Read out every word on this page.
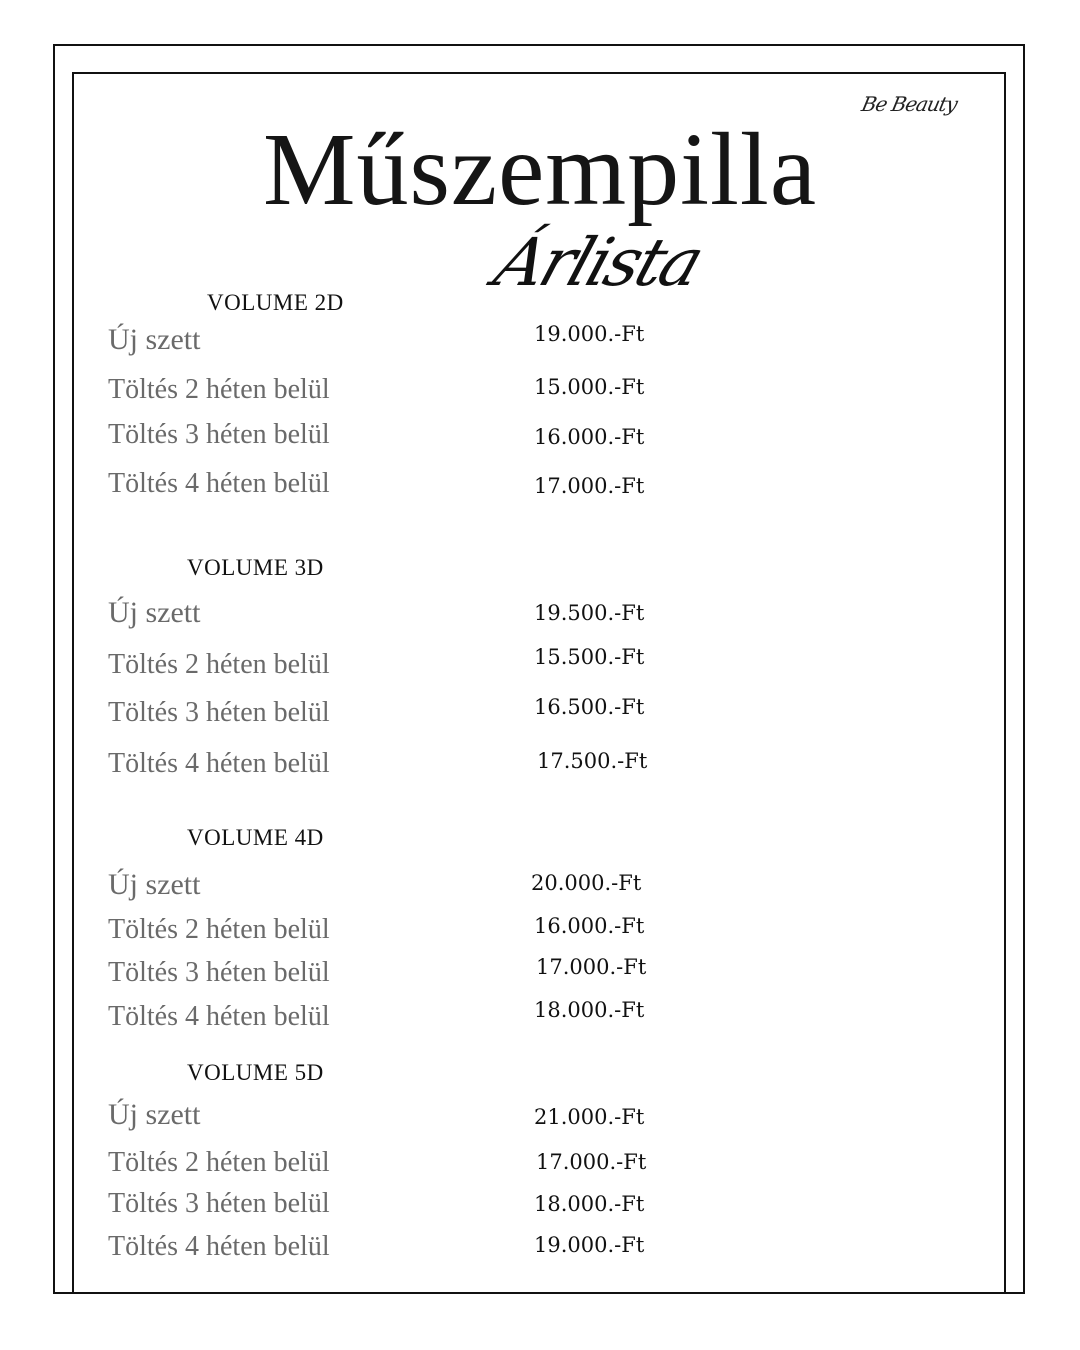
Be Beauty
Műszempilla
Árlista
VOLUME 2D
Új szett	19.000.-Ft
Töltés 2 héten belül	15.000.-Ft
Töltés 3 héten belül	16.000.-Ft
Töltés 4 héten belül	17.000.-Ft
VOLUME 3D
Új szett	19.500.-Ft
Töltés 2 héten belül	15.500.-Ft
Töltés 3 héten belül	16.500.-Ft
Töltés 4 héten belül	17.500.-Ft
VOLUME 4D
Új szett	20.000.-Ft
Töltés 2 héten belül	16.000.-Ft
Töltés 3 héten belül	17.000.-Ft
Töltés 4 héten belül	18.000.-Ft
VOLUME 5D
Új szett	21.000.-Ft
Töltés 2 héten belül	17.000.-Ft
Töltés 3 héten belül	18.000.-Ft
Töltés 4 héten belül	19.000.-Ft
